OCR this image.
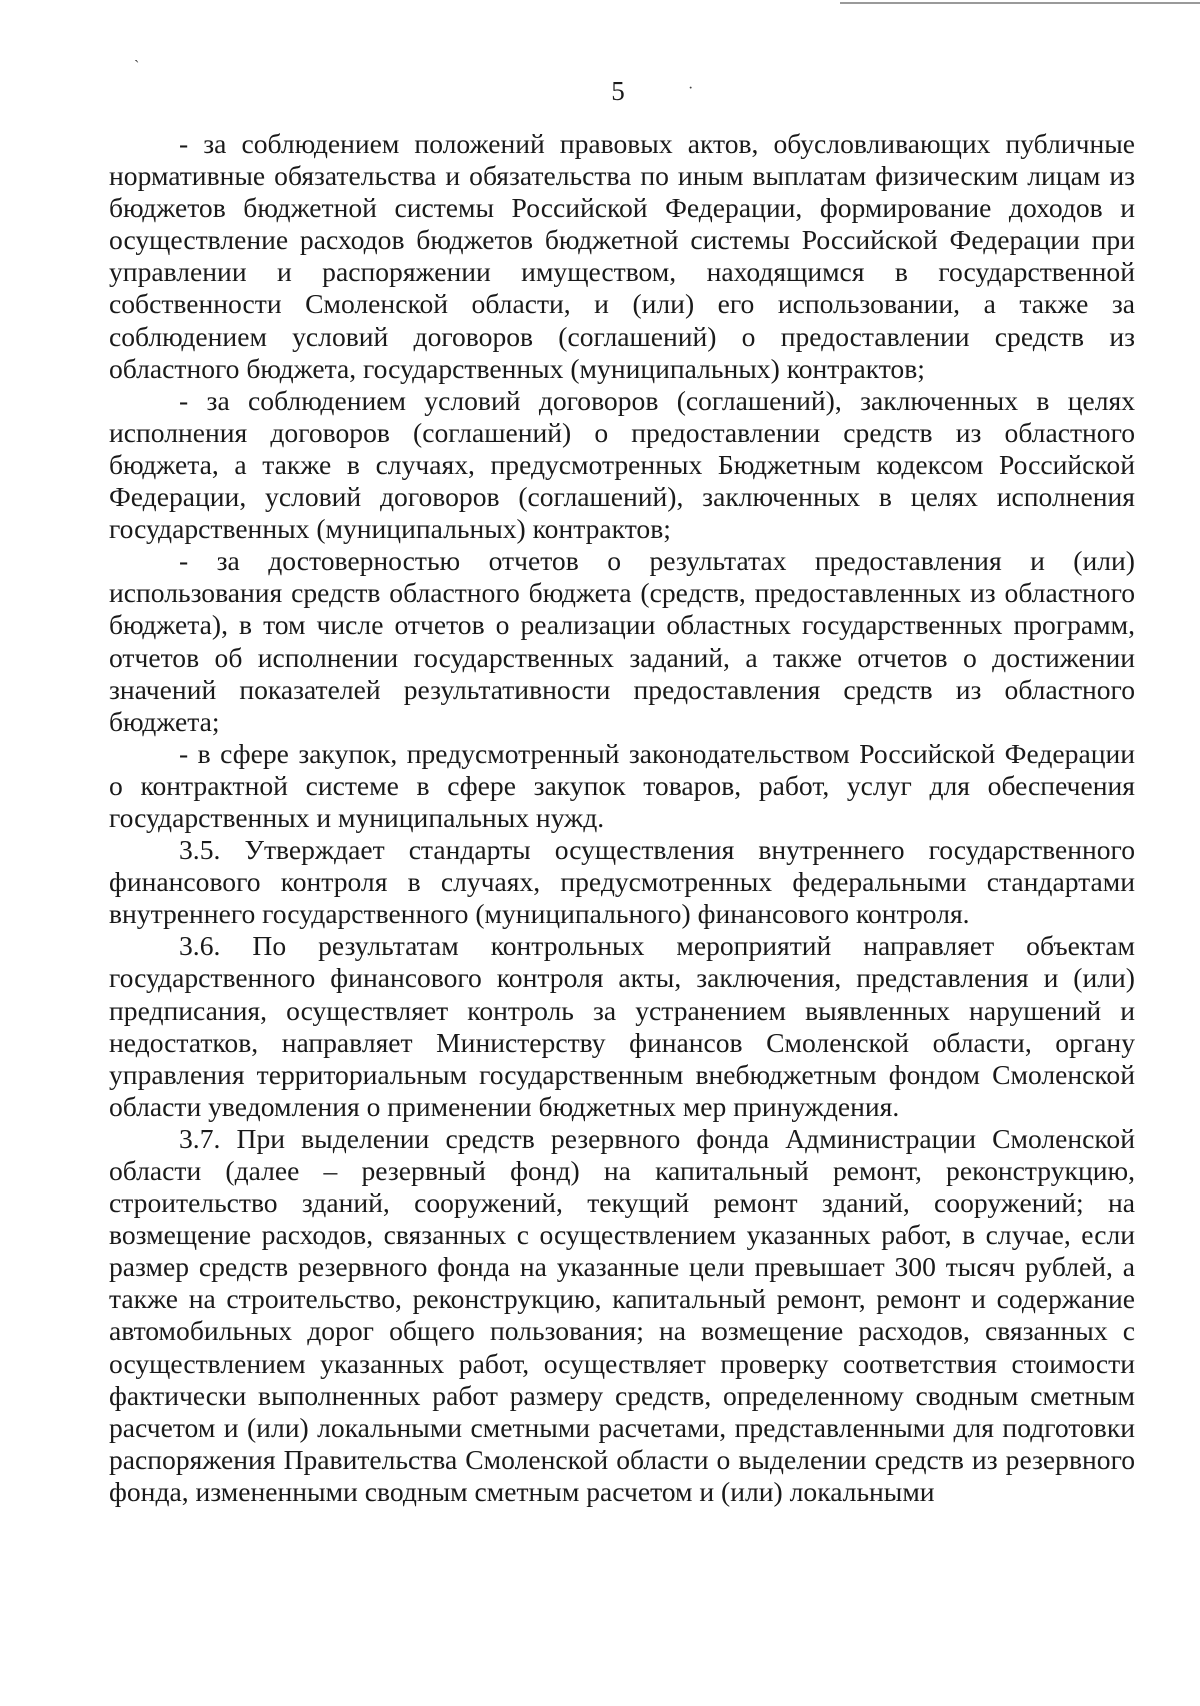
ˋ
·
5

- за соблюдением положений правовых актов, обусловливающих публичные нормативные обязательства и обязательства по иным выплатам физическим лицам из бюджетов бюджетной системы Российской Федерации, формирование доходов и осуществление расходов бюджетов бюджетной системы Российской Федерации при управлении и распоряжении имуществом, находящимся в государственной собственности Смоленской области, и (или) его использовании, а также за соблюдением условий договоров (соглашений) о предоставлении средств из областного бюджета, государственных (муниципальных) контрактов;

- за соблюдением условий договоров (соглашений), заключенных в целях исполнения договоров (соглашений) о предоставлении средств из областного бюджета, а также в случаях, предусмотренных Бюджетным кодексом Российской Федерации, условий договоров (соглашений), заключенных в целях исполнения государственных (муниципальных) контрактов;

- за достоверностью отчетов о результатах предоставления и (или) использования средств областного бюджета (средств, предоставленных из областного бюджета), в том числе отчетов о реализации областных государственных программ, отчетов об исполнении государственных заданий, а также отчетов о достижении значений показателей результативности предоставления средств из областного бюджета;

- в сфере закупок, предусмотренный законодательством Российской Федерации о контрактной системе в сфере закупок товаров, работ, услуг для обеспечения государственных и муниципальных нужд.

3.5. Утверждает стандарты осуществления внутреннего государственного финансового контроля в случаях, предусмотренных федеральными стандартами внутреннего государственного (муниципального) финансового контроля.

3.6. По результатам контрольных мероприятий направляет объектам государственного финансового контроля акты, заключения, представления и (или) предписания, осуществляет контроль за устранением выявленных нарушений и недостатков, направляет Министерству финансов Смоленской области, органу управления территориальным государственным внебюджетным фондом Смоленской области уведомления о применении бюджетных мер принуждения.

3.7. При выделении средств резервного фонда Администрации Смоленской области (далее – резервный фонд) на капитальный ремонт, реконструкцию, строительство зданий, сооружений, текущий ремонт зданий, сооружений; на возмещение расходов, связанных с осуществлением указанных работ, в случае, если размер средств резервного фонда на указанные цели превышает 300 тысяч рублей, а также на строительство, реконструкцию, капитальный ремонт, ремонт и содержание автомобильных дорог общего пользования; на возмещение расходов, связанных с осуществлением указанных работ, осуществляет проверку соответствия стоимости фактически выполненных работ размеру средств, определенному сводным сметным расчетом и (или) локальными сметными расчетами, представленными для подготовки распоряжения Правительства Смоленской области о выделении средств из резервного фонда, измененными сводным сметным расчетом и (или) локальными
